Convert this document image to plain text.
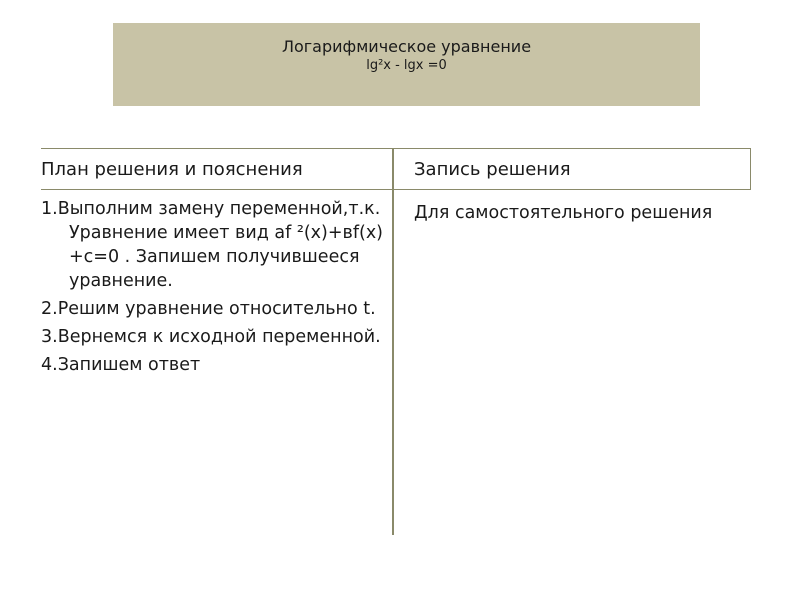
Логарифмическое уравнение
lg²x - lgx =0
План решения и пояснения	Запись решения
1.Выполним замену переменной,т.к. Уравнение имеет вид аf ²(x)+вf(x) +c=0 . Запишем получившееся уравнение.
2.Решим уравнение относительно t.
3.Вернемся к исходной переменной.
4.Запишем ответ
Для самостоятельного решения
